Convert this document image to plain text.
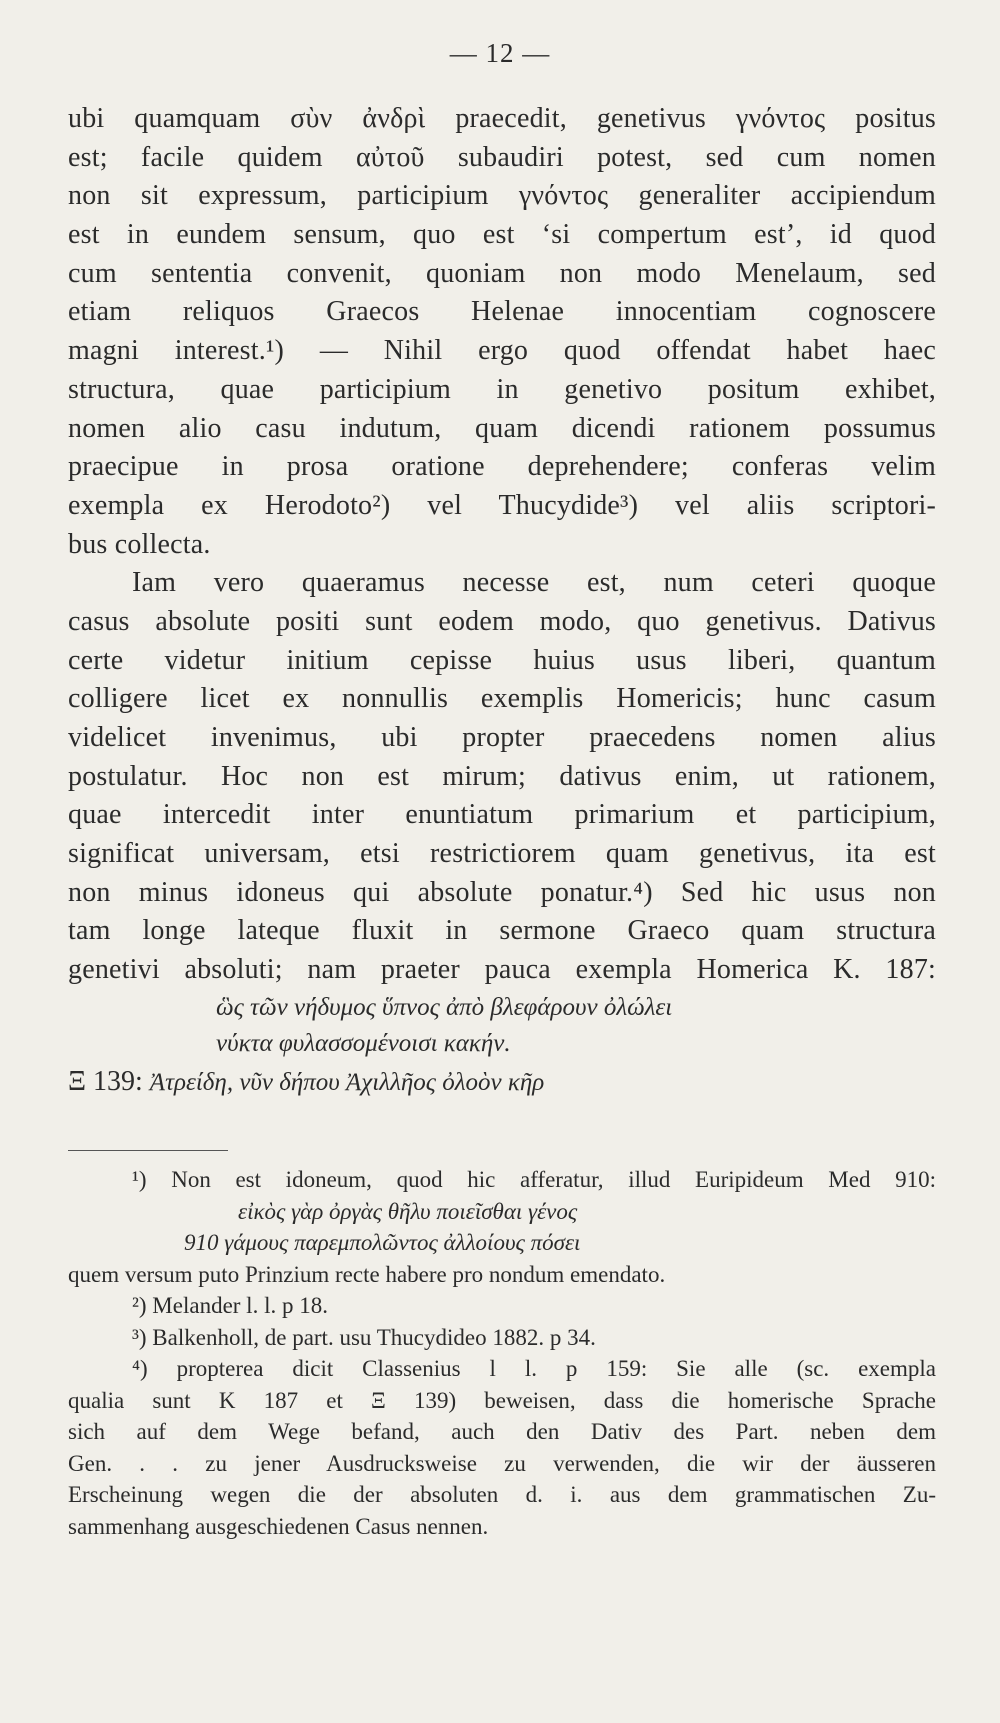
— 12 —
ubi quamquam σὺν ἀνδρὶ praecedit, genetivus γνόντος positus
est; facile quidem αὐτοῦ subaudiri potest, sed cum nomen
non sit expressum, participium γνόντος generaliter accipiendum
est in eundem sensum, quo est ‘si compertum est’, id quod
cum sententia convenit, quoniam non modo Menelaum, sed
etiam reliquos Graecos Helenae innocentiam cognoscere
magni interest.¹) — Nihil ergo quod offendat habet haec
structura, quae participium in genetivo positum exhibet,
nomen alio casu indutum, quam dicendi rationem possumus
praecipue in prosa oratione deprehendere; conferas velim
exempla ex Herodoto²) vel Thucydide³) vel aliis scriptori-
bus collecta.
Iam vero quaeramus necesse est, num ceteri quoque
casus absolute positi sunt eodem modo, quo genetivus. Dativus
certe videtur initium cepisse huius usus liberi, quantum
colligere licet ex nonnullis exemplis Homericis; hunc casum
videlicet invenimus, ubi propter praecedens nomen alius
postulatur. Hoc non est mirum; dativus enim, ut rationem,
quae intercedit inter enuntiatum primarium et participium,
significat universam, etsi restrictiorem quam genetivus, ita est
non minus idoneus qui absolute ponatur.⁴) Sed hic usus non
tam longe lateque fluxit in sermone Graeco quam structura
genetivi absoluti; nam praeter pauca exempla Homerica K. 187:
ὣς τῶν νήδυμος ὕπνος ἀπὸ βλεφάρουν ὀλώλει
νύκτα φυλασσομένοισι κακήν.
Ξ 139: Ἀτρείδη, νῦν δήπου Ἀχιλλῆος ὀλοὸν κῆρ
¹) Non est idoneum, quod hic afferatur, illud Euripideum Med 910:
εἰκὸς γὰρ ὀργὰς θῆλυ ποιεῖσθαι γένος
910 γάμους παρεμπολῶντος ἀλλοίους πόσει
quem versum puto Prinzium recte habere pro nondum emendato.
²) Melander l. l. p 18.
³) Balkenholl, de part. usu Thucydideo 1882. p 34.
⁴) propterea dicit Classenius l l. p 159: Sie alle (sc. exempla
qualia sunt K 187 et Ξ 139) beweisen, dass die homerische Sprache
sich auf dem Wege befand, auch den Dativ des Part. neben dem
Gen. . . zu jener Ausdrucksweise zu verwenden, die wir der äusseren
Erscheinung wegen die der absoluten d. i. aus dem grammatischen Zu-
sammenhang ausgeschiedenen Casus nennen.
